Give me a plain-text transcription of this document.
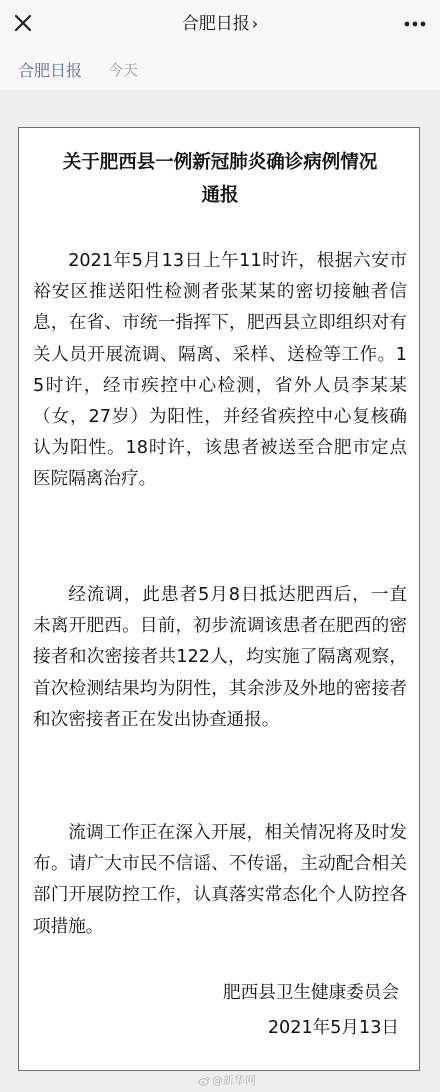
合肥日报 ›
合肥日报 今天
关于肥西县一例新冠肺炎确诊病例情况
通报
2021年5月13日上午11时许，根据六安市裕安区推送阳性检测者张某某的密切接触者信息，在省、市统一指挥下，肥西县立即组织对有关人员开展流调、隔离、采样、送检等工作。15时许，经市疾控中心检测，省外人员李某某（女，27岁）为阳性，并经省疾控中心复核确认为阳性。18时许，该患者被送至合肥市定点医院隔离治疗。
经流调，此患者5月8日抵达肥西后，一直未离开肥西。目前，初步流调该患者在肥西的密接者和次密接者共122人，均实施了隔离观察，首次检测结果均为阴性，其余涉及外地的密接者和次密接者正在发出协查通报。
流调工作正在深入开展，相关情况将及时发布。请广大市民不信谣、不传谣，主动配合相关部门开展防控工作，认真落实常态化个人防控各项措施。
肥西县卫生健康委员会
2021年5月13日
@新华网
